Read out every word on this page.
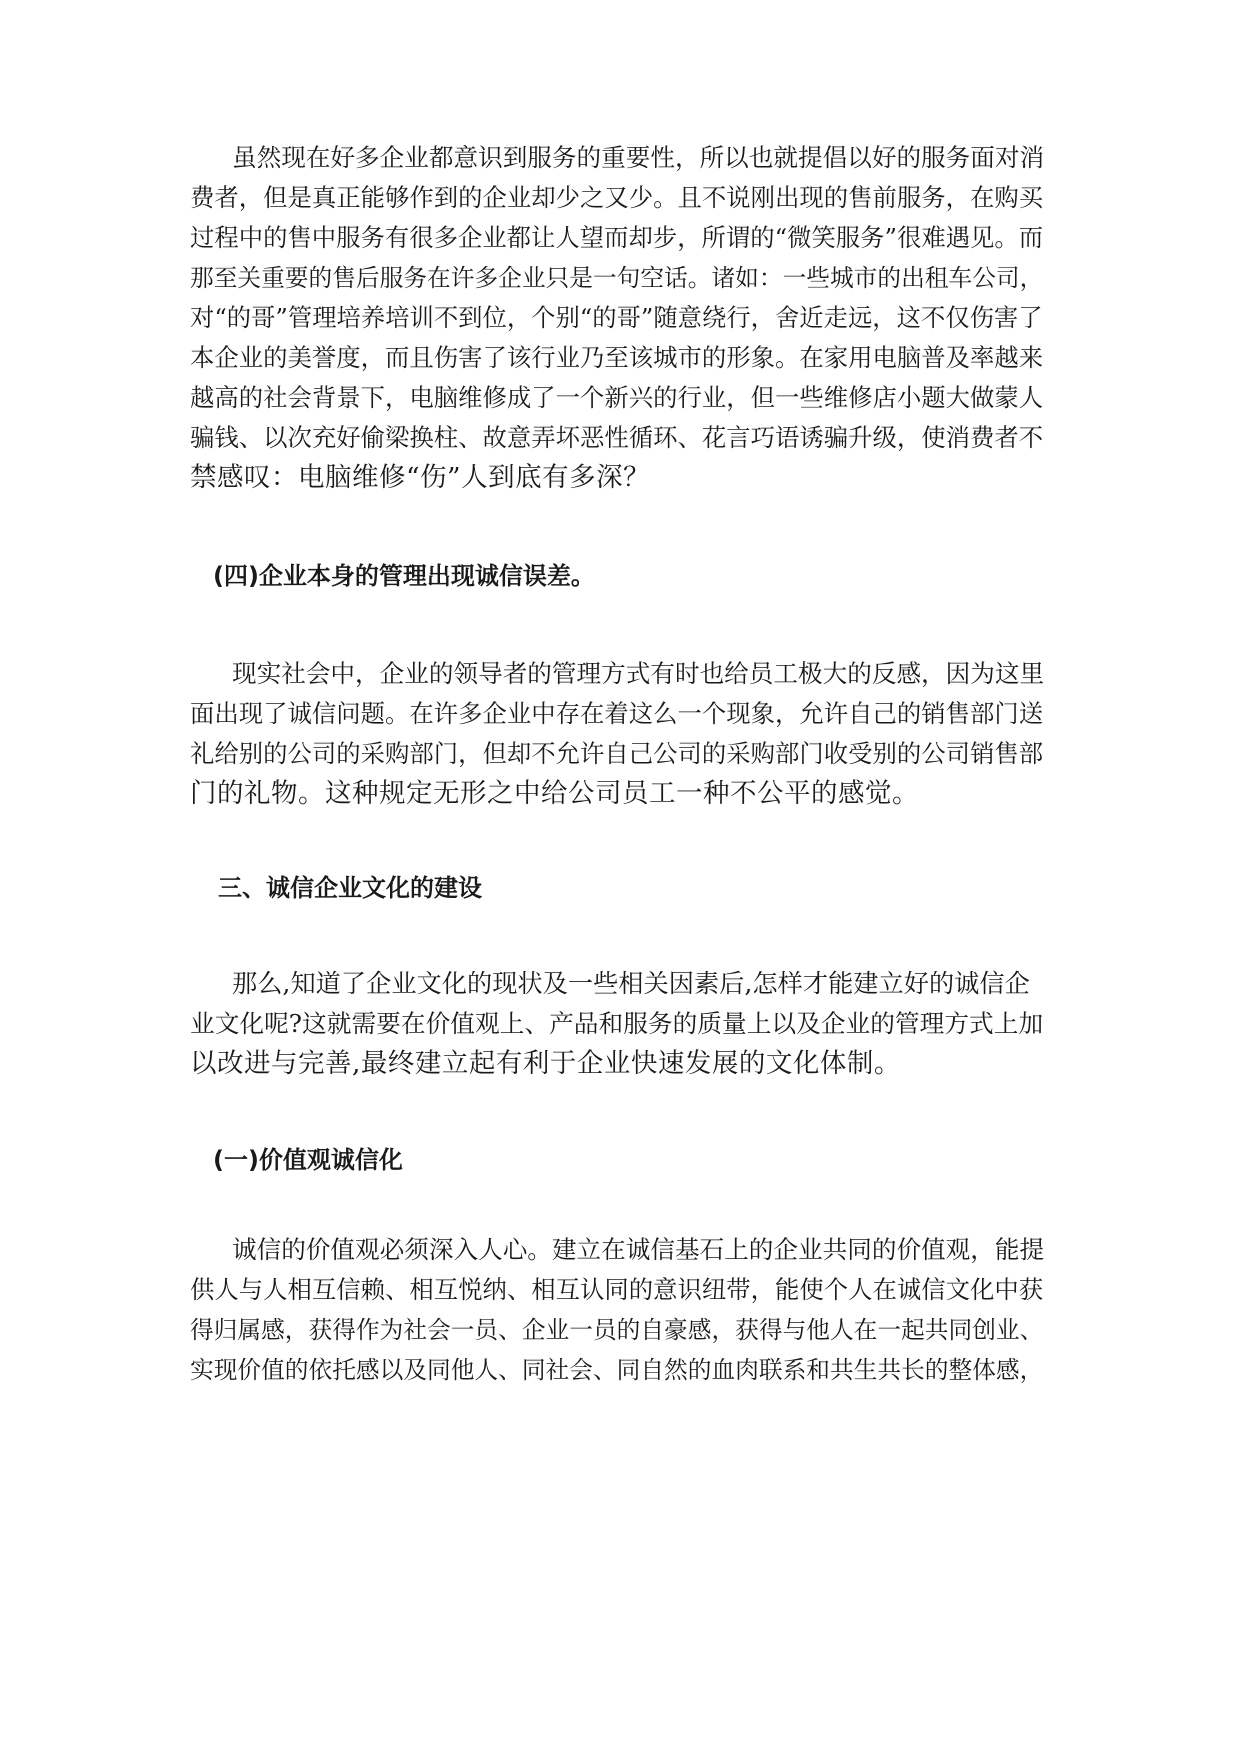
虽然现在好多企业都意识到服务的重要性，所以也就提倡以好的服务面对消
费者，但是真正能够作到的企业却少之又少。且不说刚出现的售前服务，在购买
过程中的售中服务有很多企业都让人望而却步，所谓的“微笑服务”很难遇见。而
那至关重要的售后服务在许多企业只是一句空话。诸如：一些城市的出租车公司，
对“的哥”管理培养培训不到位，个别“的哥”随意绕行，舍近走远，这不仅伤害了
本企业的美誉度，而且伤害了该行业乃至该城市的形象。在家用电脑普及率越来
越高的社会背景下，电脑维修成了一个新兴的行业，但一些维修店小题大做蒙人
骗钱、以次充好偷梁换柱、故意弄坏恶性循环、花言巧语诱骗升级，使消费者不
禁感叹：电脑维修“伤”人到底有多深？
(四)企业本身的管理出现诚信误差。
现实社会中，企业的领导者的管理方式有时也给员工极大的反感，因为这里
面出现了诚信问题。在许多企业中存在着这么一个现象，允许自己的销售部门送
礼给别的公司的采购部门，但却不允许自己公司的采购部门收受别的公司销售部
门的礼物。这种规定无形之中给公司员工一种不公平的感觉。
三、诚信企业文化的建设
那么,知道了企业文化的现状及一些相关因素后,怎样才能建立好的诚信企
业文化呢?这就需要在价值观上、产品和服务的质量上以及企业的管理方式上加
以改进与完善,最终建立起有利于企业快速发展的文化体制。
(一)价值观诚信化
诚信的价值观必须深入人心。建立在诚信基石上的企业共同的价值观，能提
供人与人相互信赖、相互悦纳、相互认同的意识纽带，能使个人在诚信文化中获
得归属感，获得作为社会一员、企业一员的自豪感，获得与他人在一起共同创业、
实现价值的依托感以及同他人、同社会、同自然的血肉联系和共生共长的整体感，
